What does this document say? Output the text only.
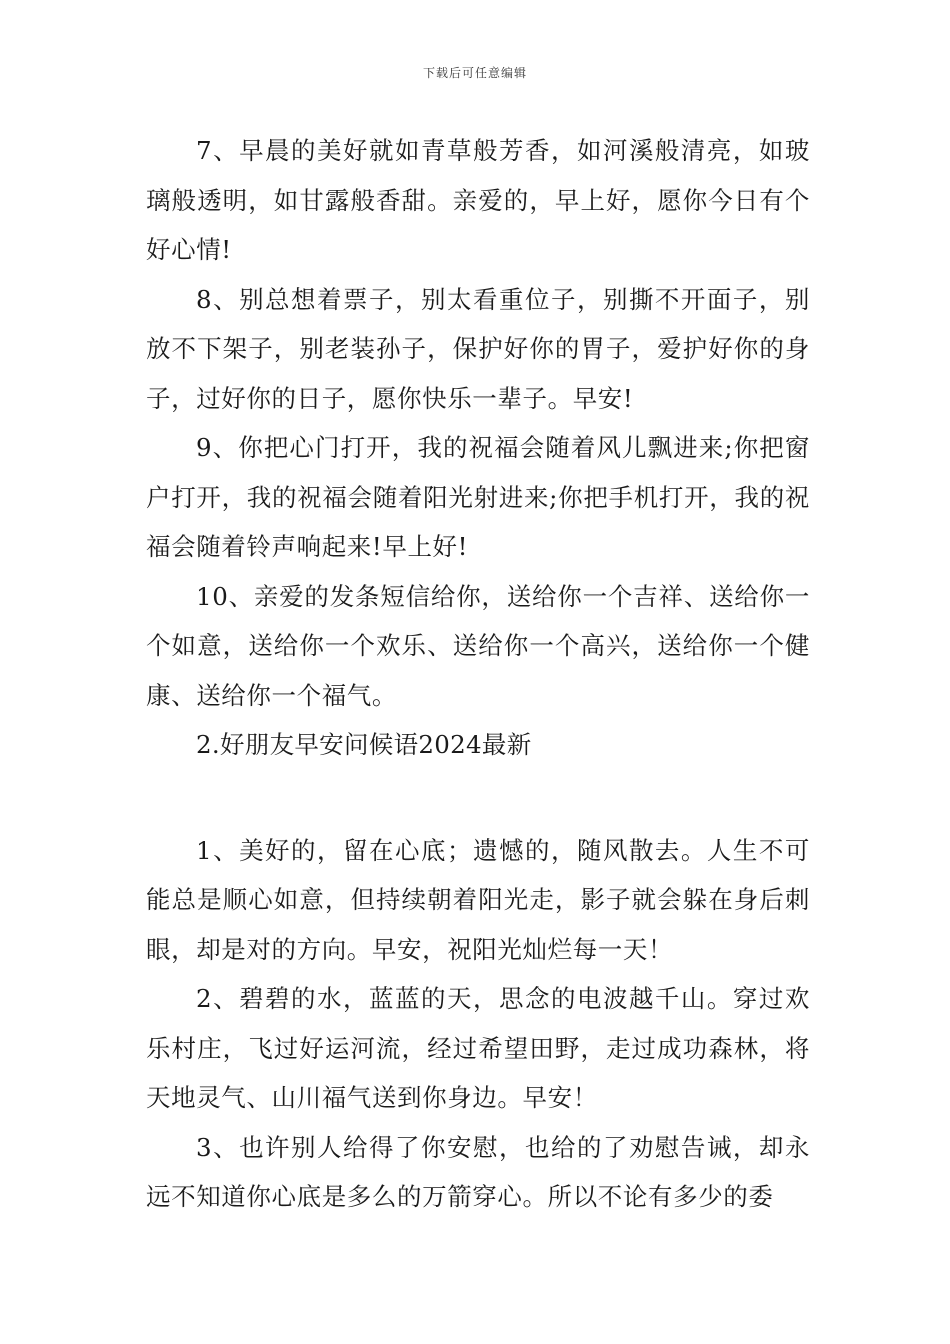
下载后可任意编辑

7、早晨的美好就如青草般芳香，如河溪般清亮，如玻璃般透明，如甘露般香甜。亲爱的，早上好，愿你今日有个好心情!

8、别总想着票子，别太看重位子，别撕不开面子，别放不下架子，别老装孙子，保护好你的胃子，爱护好你的身子，过好你的日子，愿你快乐一辈子。早安!

9、你把心门打开，我的祝福会随着风儿飘进来;你把窗户打开，我的祝福会随着阳光射进来;你把手机打开，我的祝福会随着铃声响起来!早上好!

10、亲爱的发条短信给你，送给你一个吉祥、送给你一个如意，送给你一个欢乐、送给你一个高兴，送给你一个健康、送给你一个福气。

2.好朋友早安问候语2024最新

1、美好的，留在心底；遗憾的，随风散去。人生不可能总是顺心如意，但持续朝着阳光走，影子就会躲在身后刺眼，却是对的方向。早安，祝阳光灿烂每一天！

2、碧碧的水，蓝蓝的天，思念的电波越千山。穿过欢乐村庄，飞过好运河流，经过希望田野，走过成功森林，将天地灵气、山川福气送到你身边。早安！

3、也许别人给得了你安慰，也给的了劝慰告诫，却永远不知道你心底是多么的万箭穿心。所以不论有多少的委
